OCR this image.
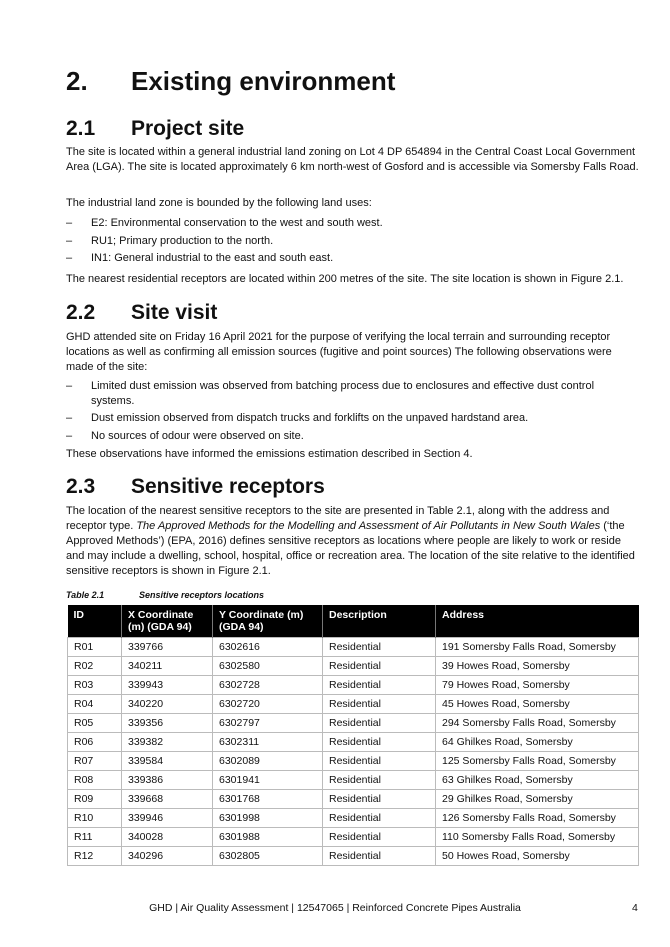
2. Existing environment
2.1 Project site

The site is located within a general industrial land zoning on Lot 4 DP 654894 in the Central Coast Local Government Area (LGA). The site is located approximately 6 km north-west of Gosford and is accessible via Somersby Falls Road.

The industrial land zone is bounded by the following land uses:

– E2: Environmental conservation to the west and south west.
– RU1; Primary production to the north.
– IN1: General industrial to the east and south east.

The nearest residential receptors are located within 200 metres of the site. The site location is shown in Figure 2.1.

2.2 Site visit

GHD attended site on Friday 16 April 2021 for the purpose of verifying the local terrain and surrounding receptor locations as well as confirming all emission sources (fugitive and point sources) The following observations were made of the site:

– Limited dust emission was observed from batching process due to enclosures and effective dust control systems.
– Dust emission observed from dispatch trucks and forklifts on the unpaved hardstand area.
– No sources of odour were observed on site.

These observations have informed the emissions estimation described in Section 4.

2.3 Sensitive receptors

The location of the nearest sensitive receptors to the site are presented in Table 2.1, along with the address and receptor type. The Approved Methods for the Modelling and Assessment of Air Pollutants in New South Wales (‘the Approved Methods’) (EPA, 2016) defines sensitive receptors as locations where people are likely to work or reside and may include a dwelling, school, hospital, office or recreation area. The location of the site relative to the identified sensitive receptors is shown in Figure 2.1.

Table 2.1	Sensitive receptors locations
ID	X Coordinate (m) (GDA 94)	Y Coordinate (m) (GDA 94)	Description	Address
R01	339766	6302616	Residential	191 Somersby Falls Road, Somersby
R02	340211	6302580	Residential	39 Howes Road, Somersby
R03	339943	6302728	Residential	79 Howes Road, Somersby
R04	340220	6302720	Residential	45 Howes Road, Somersby
R05	339356	6302797	Residential	294 Somersby Falls Road, Somersby
R06	339382	6302311	Residential	64 Ghilkes Road, Somersby
R07	339584	6302089	Residential	125 Somersby Falls Road, Somersby
R08	339386	6301941	Residential	63 Ghilkes Road, Somersby
R09	339668	6301768	Residential	29 Ghilkes Road, Somersby
R10	339946	6301998	Residential	126 Somersby Falls Road, Somersby
R11	340028	6301988	Residential	110 Somersby Falls Road, Somersby
R12	340296	6302805	Residential	50 Howes Road, Somersby
GHD | Air Quality Assessment | 12547065 | Reinforced Concrete Pipes Australia	4
